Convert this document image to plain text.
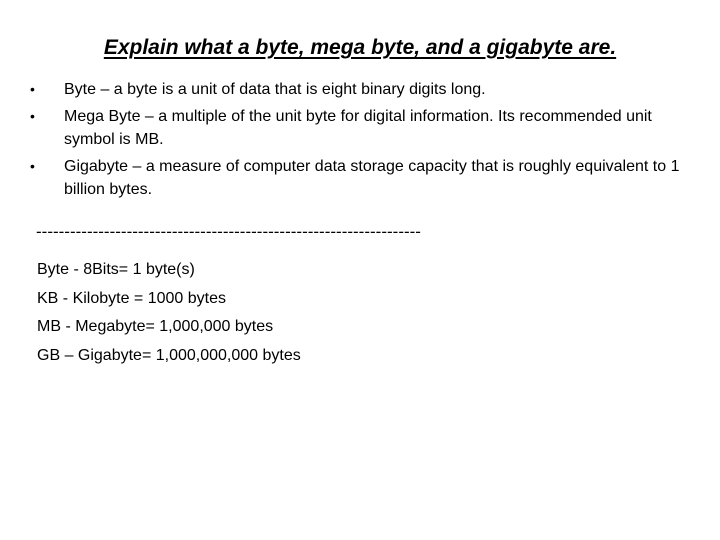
Explain what a byte, mega byte, and a gigabyte are.
• Byte – a byte is a unit of data that is eight binary digits long.
• Mega Byte – a multiple of the unit byte for digital information. Its recommended unit symbol is MB.
• Gigabyte – a measure of computer data storage capacity that is roughly equivalent to 1 billion bytes.
--------------------------------------------------------------------
Byte - 8Bits= 1 byte(s)
KB - Kilobyte = 1000 bytes
MB - Megabyte= 1,000,000 bytes
GB – Gigabyte= 1,000,000,000 bytes
